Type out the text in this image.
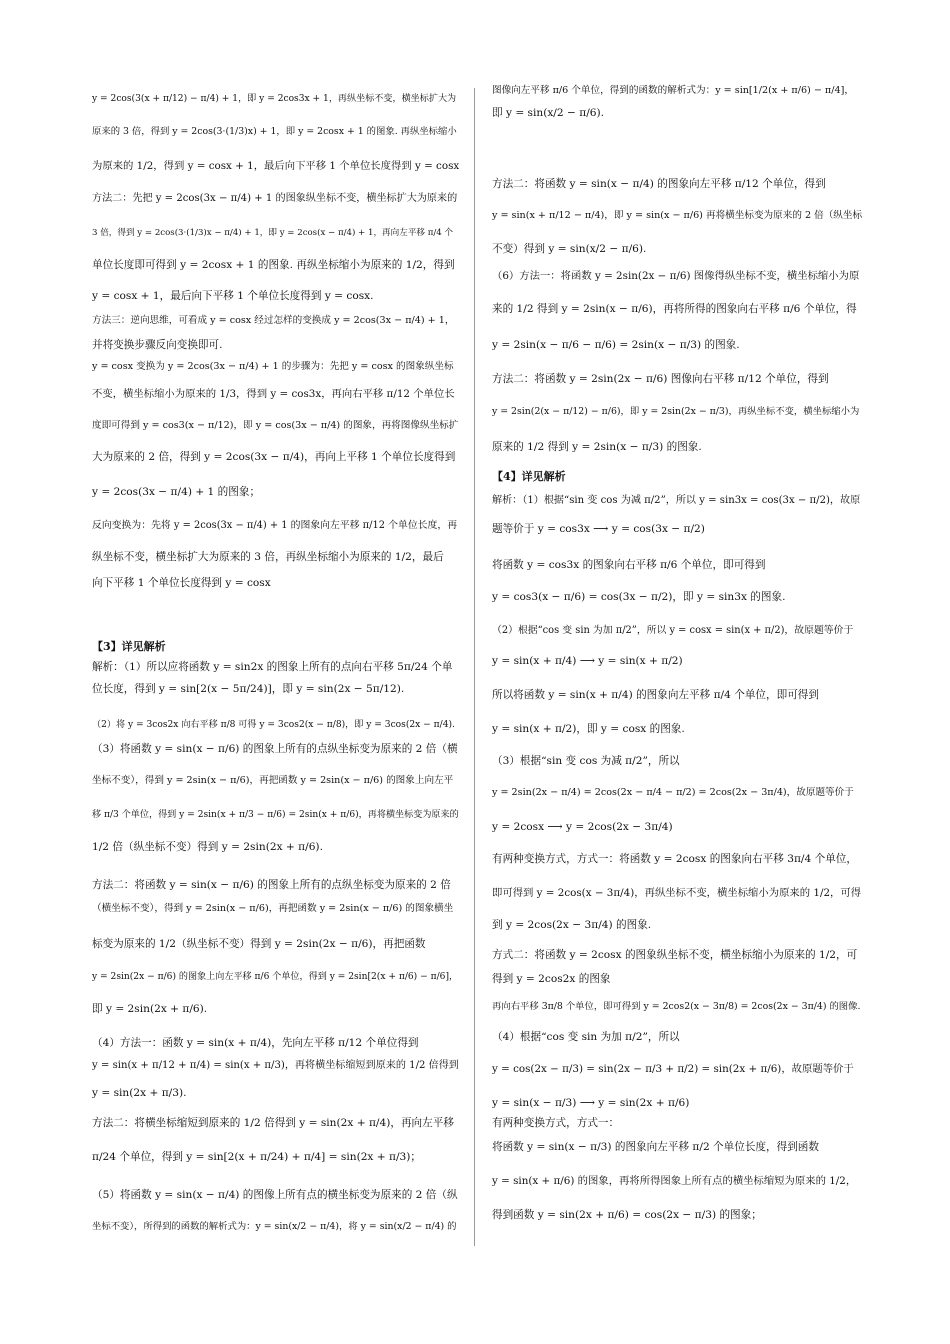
y = 2cos(3(x + π/12) − π/4) + 1，即 y = 2cos3x + 1，再纵坐标不变，横坐标扩大为
原来的 3 倍，得到 y = 2cos(3·(1/3)x) + 1，即 y = 2cosx + 1 的图象. 再纵坐标缩小
为原来的 1/2，得到 y = cosx + 1，最后向下平移 1 个单位长度得到 y = cosx
方法二：先把 y = 2cos(3x − π/4) + 1 的图象纵坐标不变，横坐标扩大为原来的
3 倍，得到 y = 2cos(3·(1/3)x − π/4) + 1，即 y = 2cos(x − π/4) + 1，再向左平移 π/4 个
单位长度即可得到 y = 2cosx + 1 的图象. 再纵坐标缩小为原来的 1/2，得到
y = cosx + 1，最后向下平移 1 个单位长度得到 y = cosx.
方法三：逆向思维，可看成 y = cosx 经过怎样的变换成 y = 2cos(3x − π/4) + 1，
并将变换步骤反向变换即可.
y = cosx 变换为 y = 2cos(3x − π/4) + 1 的步骤为：先把 y = cosx 的图象纵坐标
不变，横坐标缩小为原来的 1/3，得到 y = cos3x，再向右平移 π/12 个单位长
度即可得到 y = cos3(x − π/12)，即 y = cos(3x − π/4) 的图象，再将图像纵坐标扩
大为原来的 2 倍，得到 y = 2cos(3x − π/4)，再向上平移 1 个单位长度得到
y = 2cos(3x − π/4) + 1 的图象；
反向变换为：先将 y = 2cos(3x − π/4) + 1 的图象向左平移 π/12 个单位长度，再
纵坐标不变，横坐标扩大为原来的 3 倍，再纵坐标缩小为原来的 1/2，最后
向下平移 1 个单位长度得到 y = cosx
【3】详见解析
解析：（1）所以应将函数 y = sin2x 的图象上所有的点向右平移 5π/24 个单
位长度，得到 y = sin[2(x − 5π/24)]，即 y = sin(2x − 5π/12).
（2）将 y = 3cos2x 向右平移 π/8 可得 y = 3cos2(x − π/8)，即 y = 3cos(2x − π/4).
（3）将函数 y = sin(x − π/6) 的图象上所有的点纵坐标变为原来的 2 倍（横
坐标不变），得到 y = 2sin(x − π/6)，再把函数 y = 2sin(x − π/6) 的图象上向左平
移 π/3 个单位，得到 y = 2sin(x + π/3 − π/6) = 2sin(x + π/6)，再将横坐标变为原来的
1/2 倍（纵坐标不变）得到 y = 2sin(2x + π/6).
方法二：将函数 y = sin(x − π/6) 的图象上所有的点纵坐标变为原来的 2 倍
（横坐标不变），得到 y = 2sin(x − π/6)，再把函数 y = 2sin(x − π/6) 的图象横坐
标变为原来的 1/2（纵坐标不变）得到 y = 2sin(2x − π/6)，再把函数
y = 2sin(2x − π/6) 的图象上向左平移 π/6 个单位，得到 y = 2sin[2(x + π/6) − π/6]，
即 y = 2sin(2x + π/6).
（4）方法一：函数 y = sin(x + π/4)，先向左平移 π/12 个单位得到
y = sin(x + π/12 + π/4) = sin(x + π/3)，再将横坐标缩短到原来的 1/2 倍得到
y = sin(2x + π/3).
方法二：将横坐标缩短到原来的 1/2 倍得到 y = sin(2x + π/4)，再向左平移
π/24 个单位，得到 y = sin[2(x + π/24) + π/4] = sin(2x + π/3)；
（5）将函数 y = sin(x − π/4) 的图像上所有点的横坐标变为原来的 2 倍（纵
坐标不变），所得到的函数的解析式为：y = sin(x/2 − π/4)，将 y = sin(x/2 − π/4) 的
图像向左平移 π/6 个单位，得到的函数的解析式为：y = sin[1/2(x + π/6) − π/4]，
即 y = sin(x/2 − π/6).
方法二：将函数 y = sin(x − π/4) 的图象向左平移 π/12 个单位，得到
y = sin(x + π/12 − π/4)，即 y = sin(x − π/6) 再将横坐标变为原来的 2 倍（纵坐标
不变）得到 y = sin(x/2 − π/6).
（6）方法一：将函数 y = 2sin(2x − π/6) 图像得纵坐标不变，横坐标缩小为原
来的 1/2 得到 y = 2sin(x − π/6)，再将所得的图象向右平移 π/6 个单位，得
y = 2sin(x − π/6 − π/6) = 2sin(x − π/3) 的图象.
方法二：将函数 y = 2sin(2x − π/6) 图像向右平移 π/12 个单位，得到
y = 2sin(2(x − π/12) − π/6)，即 y = 2sin(2x − π/3)，再纵坐标不变，横坐标缩小为
原来的 1/2 得到 y = 2sin(x − π/3) 的图象.
【4】详见解析
解析：（1）根据“sin 变 cos 为减 π/2”，所以 y = sin3x = cos(3x − π/2)，故原
题等价于 y = cos3x ⟶ y = cos(3x − π/2)
将函数 y = cos3x 的图象向右平移 π/6 个单位，即可得到
y = cos3(x − π/6) = cos(3x − π/2)，即 y = sin3x 的图象.
（2）根据“cos 变 sin 为加 π/2”，所以 y = cosx = sin(x + π/2)，故原题等价于
y = sin(x + π/4) ⟶ y = sin(x + π/2)
所以将函数 y = sin(x + π/4) 的图象向左平移 π/4 个单位，即可得到
y = sin(x + π/2)，即 y = cosx 的图象.
（3）根据“sin 变 cos 为减 π/2”，所以
y = 2sin(2x − π/4) = 2cos(2x − π/4 − π/2) = 2cos(2x − 3π/4)，故原题等价于
y = 2cosx ⟶ y = 2cos(2x − 3π/4)
有两种变换方式，方式一：将函数 y = 2cosx 的图象向右平移 3π/4 个单位，
即可得到 y = 2cos(x − 3π/4)，再纵坐标不变，横坐标缩小为原来的 1/2，可得
到 y = 2cos(2x − 3π/4) 的图象.
方式二：将函数 y = 2cosx 的图象纵坐标不变，横坐标缩小为原来的 1/2，可
得到 y = 2cos2x 的图象
再向右平移 3π/8 个单位，即可得到 y = 2cos2(x − 3π/8) = 2cos(2x − 3π/4) 的图像.
（4）根据“cos 变 sin 为加 π/2”，所以
y = cos(2x − π/3) = sin(2x − π/3 + π/2) = sin(2x + π/6)，故原题等价于
y = sin(x − π/3) ⟶ y = sin(2x + π/6)
有两种变换方式，方式一：
将函数 y = sin(x − π/3) 的图象向左平移 π/2 个单位长度，得到函数
y = sin(x + π/6) 的图象，再将所得图象上所有点的横坐标缩短为原来的 1/2，
得到函数 y = sin(2x + π/6) = cos(2x − π/3) 的图象；
